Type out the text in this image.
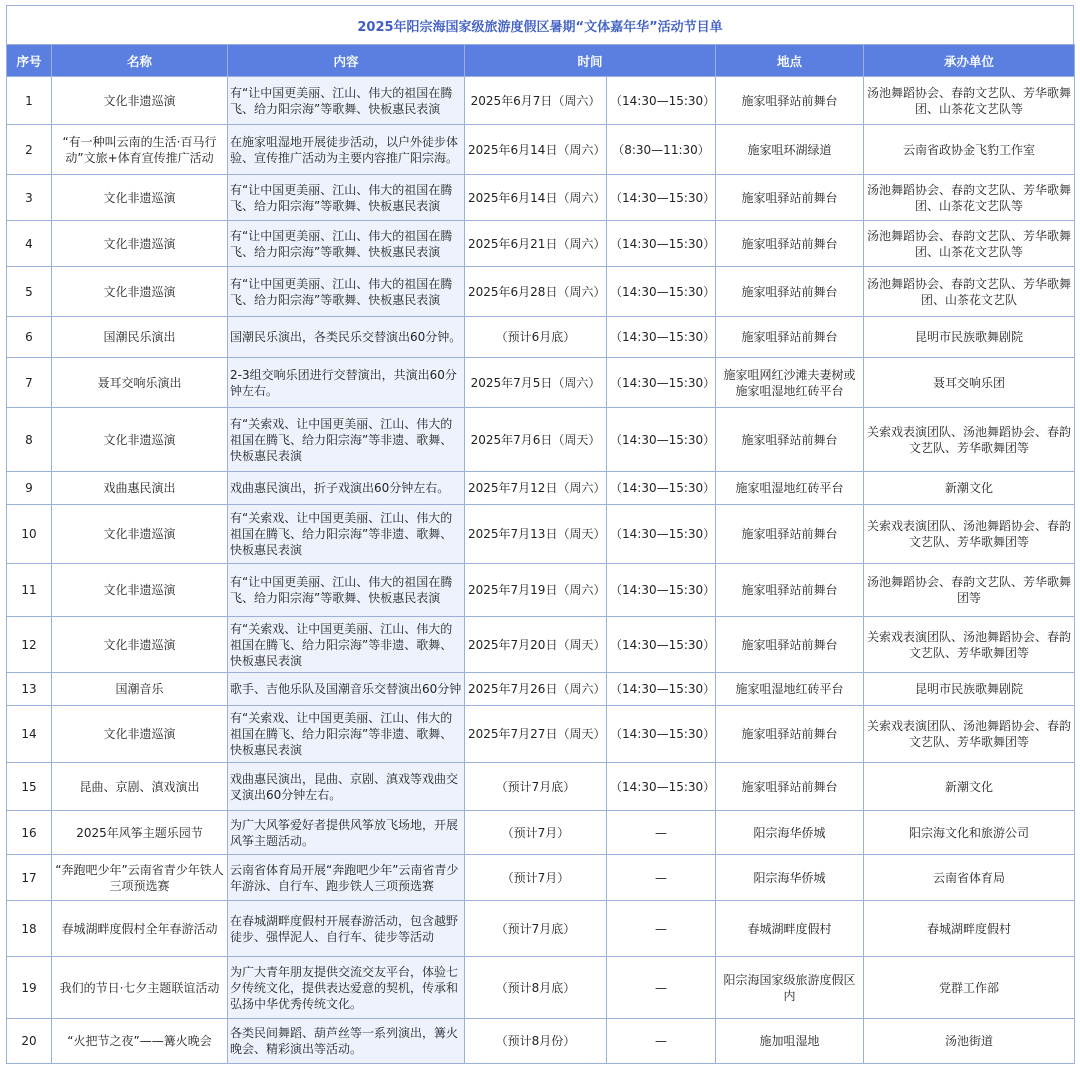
2025年阳宗海国家级旅游度假区暑期“文体嘉年华”活动节目单
序号	名称	内容	时间		地点	承办单位
1	文化非遗巡演	有“让中国更美丽、江山、伟大的祖国在腾飞、给力阳宗海”等歌舞、快板惠民表演	2025年6月7日（周六）	（14:30—15:30）	施家咀驿站前舞台	汤池舞蹈协会、春韵文艺队、芳华歌舞团、山茶花文艺队等
2	“有一种叫云南的生活·百马行动”文旅+体育宣传推广活动	在施家咀湿地开展徒步活动，以户外徒步体验、宣传推广活动为主要内容推广阳宗海。	2025年6月14日（周六）	（8:30—11:30）	施家咀环湖绿道	云南省政协金飞豹工作室
3	文化非遗巡演	有“让中国更美丽、江山、伟大的祖国在腾飞、给力阳宗海”等歌舞、快板惠民表演	2025年6月14日（周六）	（14:30—15:30）	施家咀驿站前舞台	汤池舞蹈协会、春韵文艺队、芳华歌舞团、山茶花文艺队等
4	文化非遗巡演	有“让中国更美丽、江山、伟大的祖国在腾飞、给力阳宗海”等歌舞、快板惠民表演	2025年6月21日（周六）	（14:30—15:30）	施家咀驿站前舞台	汤池舞蹈协会、春韵文艺队、芳华歌舞团、山茶花文艺队等
5	文化非遗巡演	有“让中国更美丽、江山、伟大的祖国在腾飞、给力阳宗海”等歌舞、快板惠民表演	2025年6月28日（周六）	（14:30—15:30）	施家咀驿站前舞台	汤池舞蹈协会、春韵文艺队、芳华歌舞团、山茶花文艺队
6	国潮民乐演出	国潮民乐演出，各类民乐交替演出60分钟。	（预计6月底）	（14:30—15:30）	施家咀驿站前舞台	昆明市民族歌舞剧院
7	聂耳交响乐演出	2-3组交响乐团进行交替演出，共演出60分钟左右。	2025年7月5日（周六）	（14:30—15:30）	施家咀网红沙滩夫妻树或施家咀湿地红砖平台	聂耳交响乐团
8	文化非遗巡演	有“关索戏、让中国更美丽、江山、伟大的祖国在腾飞、给力阳宗海”等非遗、歌舞、快板惠民表演	2025年7月6日（周天）	（14:30—15:30）	施家咀驿站前舞台	关索戏表演团队、汤池舞蹈协会、春韵文艺队、芳华歌舞团等
9	戏曲惠民演出	戏曲惠民演出，折子戏演出60分钟左右。	2025年7月12日（周六）	（14:30—15:30）	施家咀湿地红砖平台	新潮文化
10	文化非遗巡演	有“关索戏、让中国更美丽、江山、伟大的祖国在腾飞、给力阳宗海”等非遗、歌舞、快板惠民表演	2025年7月13日（周天）	（14:30—15:30）	施家咀驿站前舞台	关索戏表演团队、汤池舞蹈协会、春韵文艺队、芳华歌舞团等
11	文化非遗巡演	有“让中国更美丽、江山、伟大的祖国在腾飞、给力阳宗海”等歌舞、快板惠民表演	2025年7月19日（周六）	（14:30—15:30）	施家咀驿站前舞台	汤池舞蹈协会、春韵文艺队、芳华歌舞团等
12	文化非遗巡演	有“关索戏、让中国更美丽、江山、伟大的祖国在腾飞、给力阳宗海”等非遗、歌舞、快板惠民表演	2025年7月20日（周天）	（14:30—15:30）	施家咀驿站前舞台	关索戏表演团队、汤池舞蹈协会、春韵文艺队、芳华歌舞团等
13	国潮音乐	歌手、吉他乐队及国潮音乐交替演出60分钟	2025年7月26日（周六）	（14:30—15:30）	施家咀湿地红砖平台	昆明市民族歌舞剧院
14	文化非遗巡演	有“关索戏、让中国更美丽、江山、伟大的祖国在腾飞、给力阳宗海”等非遗、歌舞、快板惠民表演	2025年7月27日（周天）	（14:30—15:30）	施家咀驿站前舞台	关索戏表演团队、汤池舞蹈协会、春韵文艺队、芳华歌舞团等
15	昆曲、京剧、滇戏演出	戏曲惠民演出，昆曲、京剧、滇戏等戏曲交叉演出60分钟左右。	（预计7月底）	（14:30—15:30）	施家咀驿站前舞台	新潮文化
16	2025年风筝主题乐园节	为广大风筝爱好者提供风筝放飞场地，开展风筝主题活动。	（预计7月）	—	阳宗海华侨城	阳宗海文化和旅游公司
17	“奔跑吧少年”云南省青少年铁人三项预选赛	云南省体育局开展“奔跑吧少年”云南省青少年游泳、自行车、跑步铁人三项预选赛	（预计7月）	—	阳宗海华侨城	云南省体育局
18	春城湖畔度假村全年春游活动	在春城湖畔度假村开展春游活动，包含越野徒步、强悍泥人、自行车、徒步等活动	（预计7月底）	—	春城湖畔度假村	春城湖畔度假村
19	我们的节日·七夕主题联谊活动	为广大青年朋友提供交流交友平台，体验七夕传统文化，提供表达爱意的契机，传承和弘扬中华优秀传统文化。	（预计8月底）	—	阳宗海国家级旅游度假区内	党群工作部
20	“火把节之夜”——篝火晚会	各类民间舞蹈、葫芦丝等一系列演出，篝火晚会、精彩演出等活动。	（预计8月份）	—	施加咀湿地	汤池街道
